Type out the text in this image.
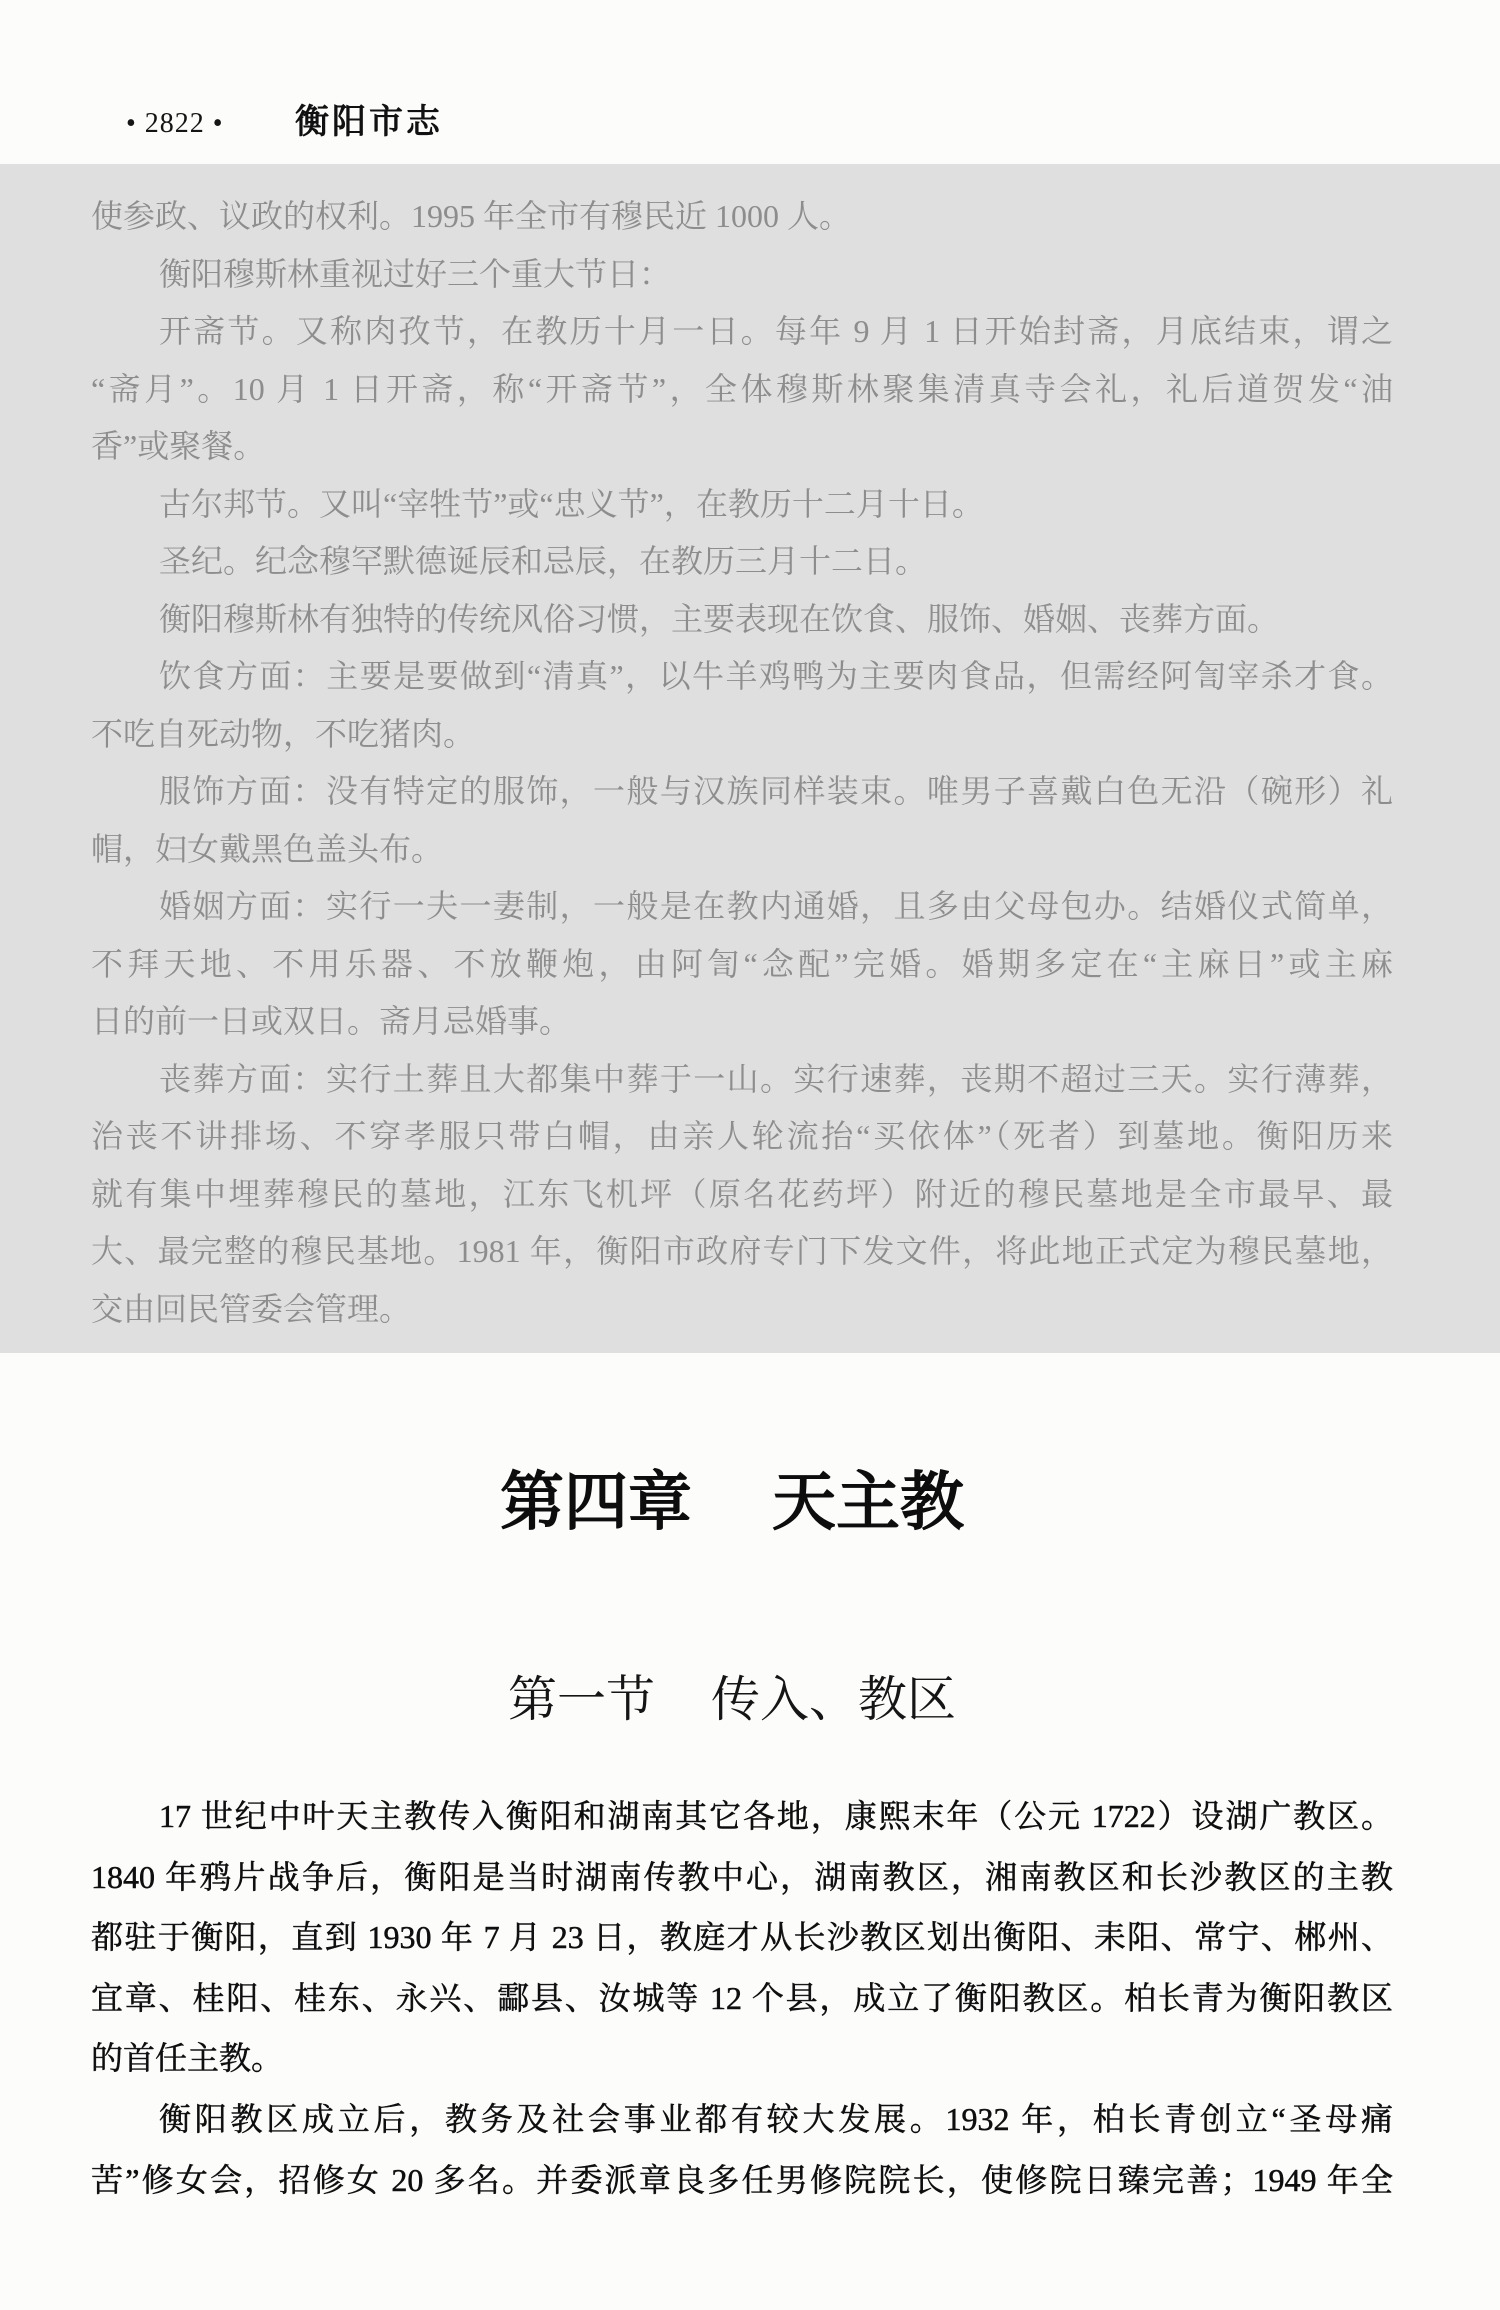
• 2822 • 衡阳市志
使参政、议政的权利。1995 年全市有穆民近 1000 人。
衡阳穆斯林重视过好三个重大节日：
开斋节。又称肉孜节，在教历十月一日。每年 9 月 1 日开始封斋，月底结束，谓之
“斋月”。10 月 1 日开斋，称“开斋节”，全体穆斯林聚集清真寺会礼，礼后道贺发“油
香”或聚餐。
古尔邦节。又叫“宰牲节”或“忠义节”，在教历十二月十日。
圣纪。纪念穆罕默德诞辰和忌辰，在教历三月十二日。
衡阳穆斯林有独特的传统风俗习惯，主要表现在饮食、服饰、婚姻、丧葬方面。
饮食方面：主要是要做到“清真”，以牛羊鸡鸭为主要肉食品，但需经阿訇宰杀才食。
不吃自死动物，不吃猪肉。
服饰方面：没有特定的服饰，一般与汉族同样装束。唯男子喜戴白色无沿（碗形）礼
帽，妇女戴黑色盖头布。
婚姻方面：实行一夫一妻制，一般是在教内通婚，且多由父母包办。结婚仪式简单，
不拜天地、不用乐器、不放鞭炮，由阿訇“念配”完婚。婚期多定在“主麻日”或主麻
日的前一日或双日。斋月忌婚事。
丧葬方面：实行土葬且大都集中葬于一山。实行速葬，丧期不超过三天。实行薄葬，
治丧不讲排场、不穿孝服只带白帽，由亲人轮流抬“买依体”（死者）到墓地。衡阳历来
就有集中埋葬穆民的墓地，江东飞机坪（原名花药坪）附近的穆民墓地是全市最早、最
大、最完整的穆民基地。1981 年，衡阳市政府专门下发文件，将此地正式定为穆民墓地，
交由回民管委会管理。
第四章 天主教
第一节 传入、教区
17 世纪中叶天主教传入衡阳和湖南其它各地，康熙末年（公元 1722）设湖广教区。
1840 年鸦片战争后，衡阳是当时湖南传教中心，湖南教区，湘南教区和长沙教区的主教
都驻于衡阳，直到 1930 年 7 月 23 日，教庭才从长沙教区划出衡阳、耒阳、常宁、郴州、
宜章、桂阳、桂东、永兴、酃县、汝城等 12 个县，成立了衡阳教区。柏长青为衡阳教区
的首任主教。
衡阳教区成立后，教务及社会事业都有较大发展。1932 年，柏长青创立“圣母痛
苦”修女会，招修女 20 多名。并委派章良多任男修院院长，使修院日臻完善；1949 年全
